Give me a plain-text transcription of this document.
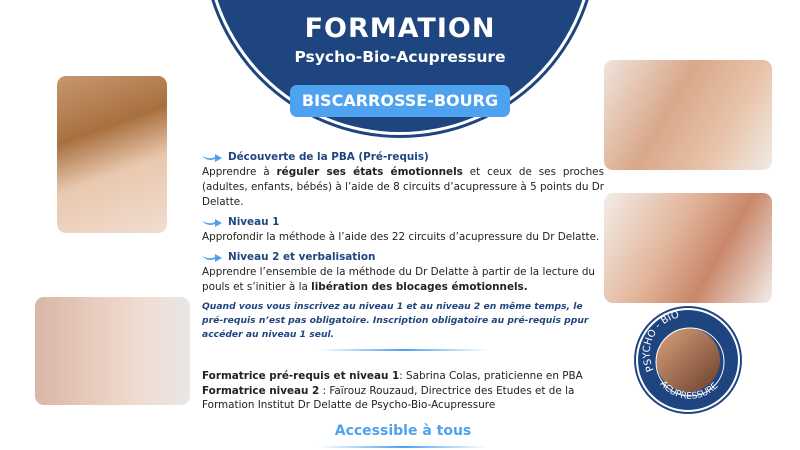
FORMATION
Psycho-Bio-Acupressure
BISCARROSSE-BOURG
PSYCHO - BIO
ACUPRESSURE
Découverte de la PBA (Pré-requis)
Apprendre à réguler ses états émotionnels et ceux de ses proches (adultes, enfants, bébés) à l’aide de 8 circuits d’acupressure à 5 points du Dr Delatte.
Niveau 1
Approfondir la méthode à l’aide des 22 circuits d’acupressure du Dr Delatte.
Niveau 2 et verbalisation
Apprendre l’ensemble de la méthode du Dr Delatte à partir de la lecture du pouls et s’initier à la libération des blocages émotionnels.
Quand vous vous inscrivez au niveau 1 et au niveau 2 en même temps, le pré-requis n’est pas obligatoire. Inscription obligatoire au pré-requis ppur accéder au niveau 1 seul.
Formatrice pré-requis et niveau 1: Sabrina Colas, praticienne en PBA
Formatrice niveau 2 : Faïrouz Rouzaud, Directrice des Etudes et de la Formation Institut Dr Delatte de Psycho-Bio-Acupressure
Accessible à tous
